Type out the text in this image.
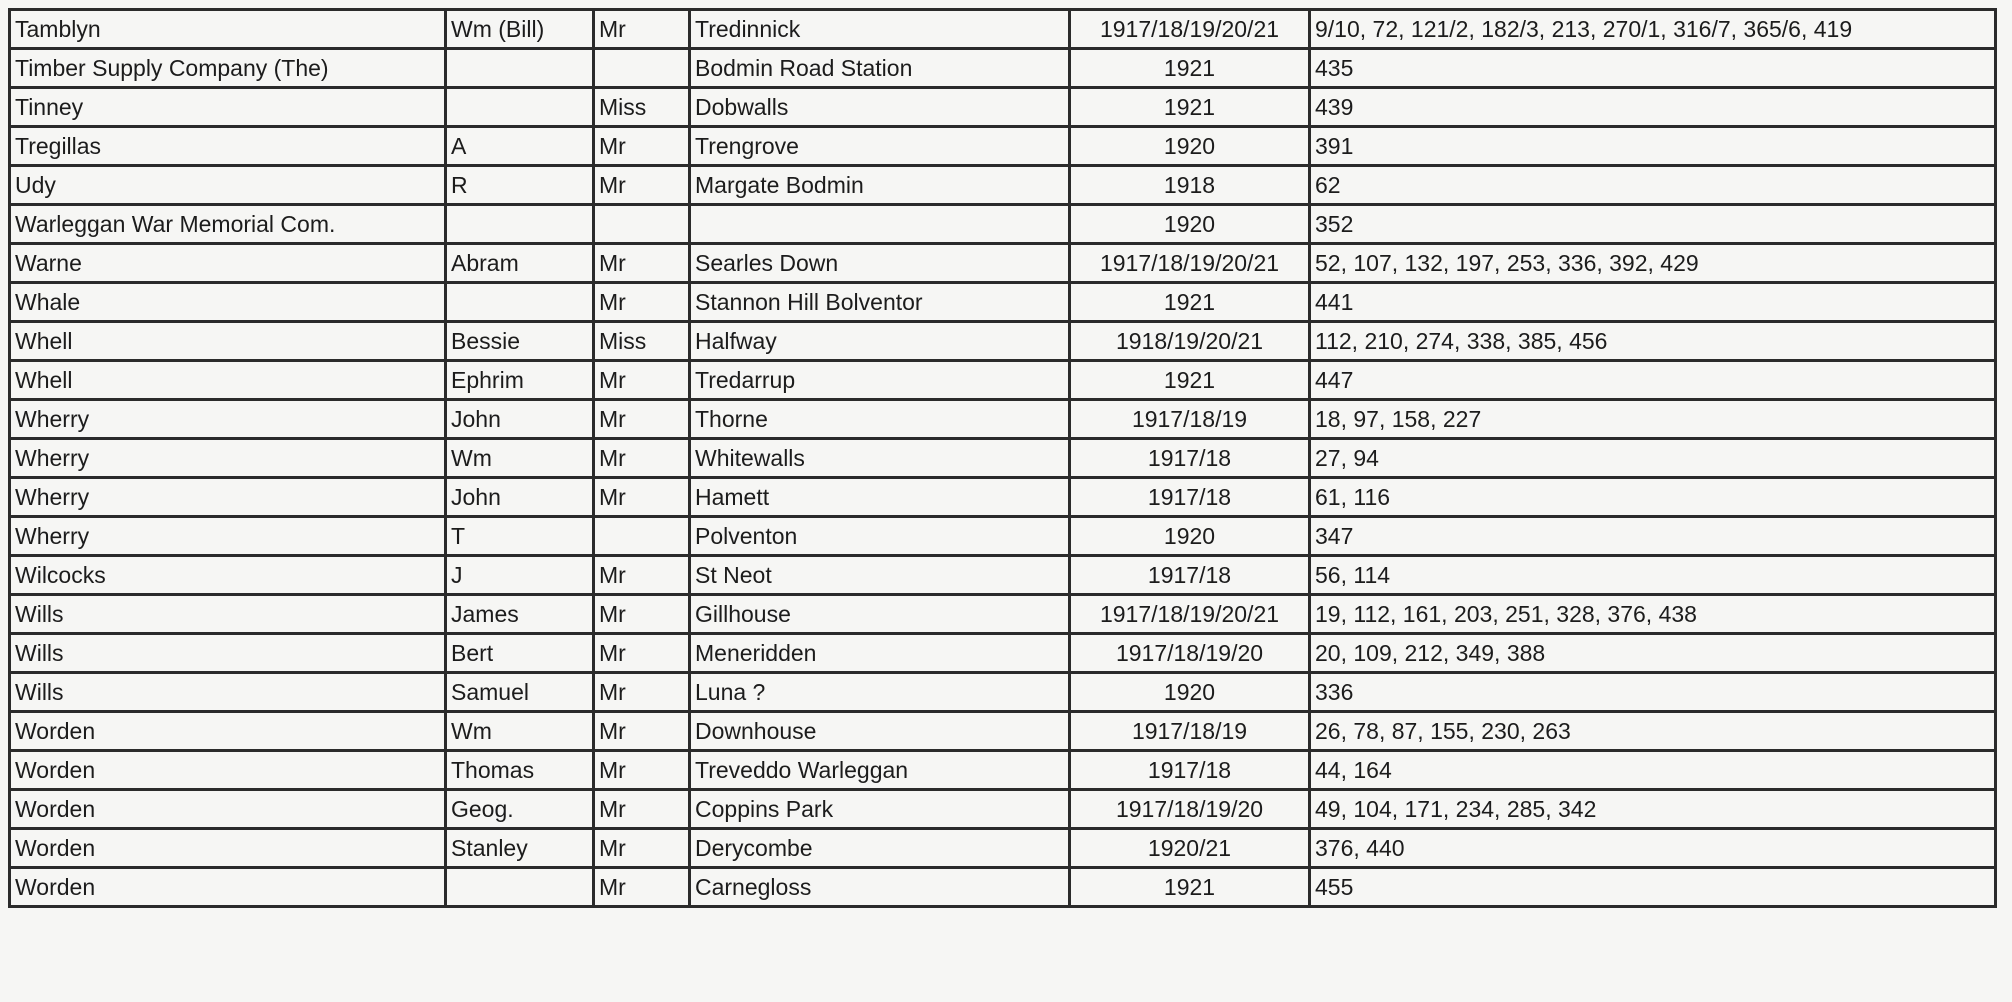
Tamblyn	Wm (Bill)	Mr	Tredinnick	1917/18/19/20/21	9/10, 72, 121/2, 182/3, 213, 270/1, 316/7, 365/6, 419
Timber Supply Company (The)			Bodmin Road Station	1921	435
Tinney		Miss	Dobwalls	1921	439
Tregillas	A	Mr	Trengrove	1920	391
Udy	R	Mr	Margate Bodmin	1918	62
Warleggan War Memorial Com.				1920	352
Warne	Abram	Mr	Searles Down	1917/18/19/20/21	52, 107, 132, 197, 253, 336, 392, 429
Whale		Mr	Stannon Hill Bolventor	1921	441
Whell	Bessie	Miss	Halfway	1918/19/20/21	112, 210, 274, 338, 385, 456
Whell	Ephrim	Mr	Tredarrup	1921	447
Wherry	John	Mr	Thorne	1917/18/19	18, 97, 158, 227
Wherry	Wm	Mr	Whitewalls	1917/18	27, 94
Wherry	John	Mr	Hamett	1917/18	61, 116
Wherry	T		Polventon	1920	347
Wilcocks	J	Mr	St Neot	1917/18	56, 114
Wills	James	Mr	Gillhouse	1917/18/19/20/21	19, 112, 161, 203, 251, 328, 376, 438
Wills	Bert	Mr	Meneridden	1917/18/19/20	20, 109, 212, 349, 388
Wills	Samuel	Mr	Luna ?	1920	336
Worden	Wm	Mr	Downhouse	1917/18/19	26, 78, 87, 155, 230, 263
Worden	Thomas	Mr	Treveddo Warleggan	1917/18	44, 164
Worden	Geog.	Mr	Coppins Park	1917/18/19/20	49, 104, 171, 234, 285, 342
Worden	Stanley	Mr	Derycombe	1920/21	376, 440
Worden		Mr	Carnegloss	1921	455
